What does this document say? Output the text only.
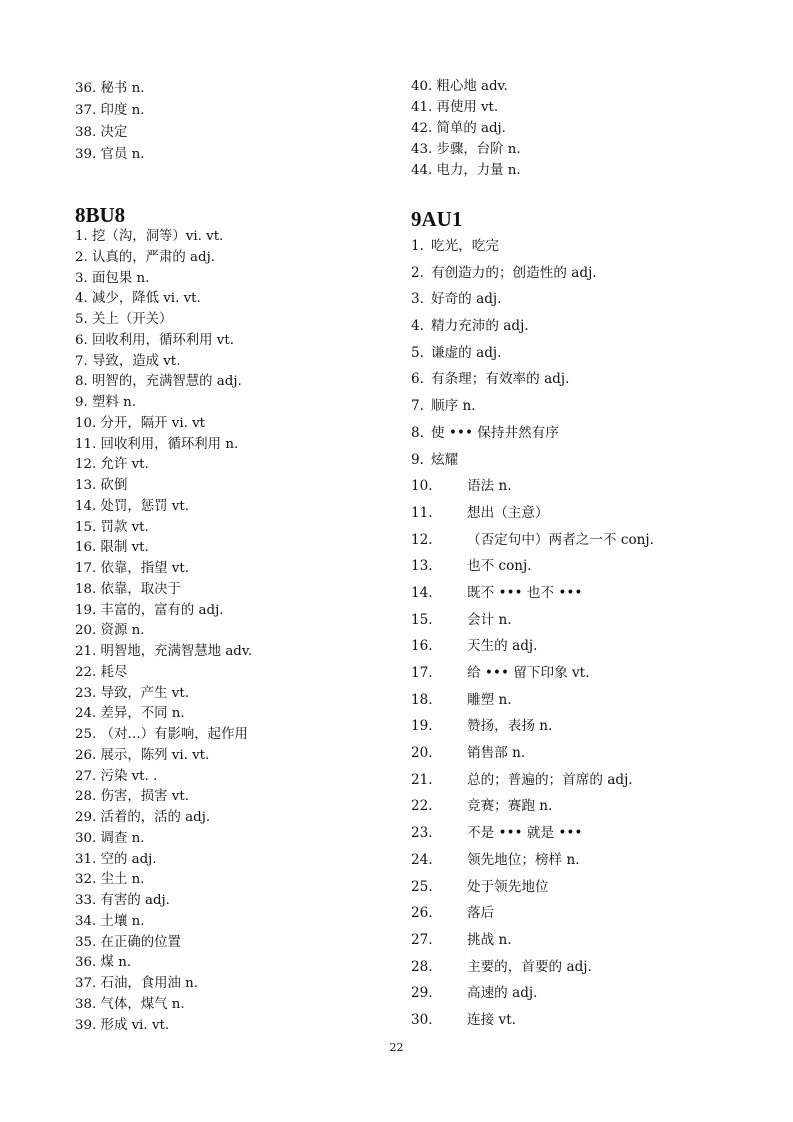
36. 秘书 n.
37. 印度 n.
38. 决定
39. 官员 n.
8BU8
1. 挖（沟，洞等）vi. vt.
2. 认真的，严肃的 adj.
3. 面包果 n.
4. 减少，降低 vi. vt.
5. 关上（开关）
6. 回收利用，循环利用 vt.
7. 导致，造成 vt.
8. 明智的，充满智慧的 adj.
9. 塑料 n.
10. 分开，隔开 vi. vt
11. 回收利用，循环利用 n.
12. 允许 vt.
13. 砍倒
14. 处罚，惩罚 vt.
15. 罚款 vt.
16. 限制 vt.
17. 依靠，指望 vt.
18. 依靠，取决于
19. 丰富的，富有的 adj.
20. 资源 n.
21. 明智地，充满智慧地 adv.
22. 耗尽
23. 导致，产生 vt.
24. 差异，不同 n.
25. （对…）有影响，起作用
26. 展示，陈列 vi. vt.
27. 污染 vt. .
28. 伤害，损害 vt.
29. 活着的，活的 adj.
30. 调查 n.
31. 空的 adj.
32. 尘土 n.
33. 有害的 adj.
34. 土壤 n.
35. 在正确的位置
36. 煤 n.
37. 石油，食用油 n.
38. 气体，煤气 n.
39. 形成 vi. vt.
40. 粗心地 adv.
41. 再使用 vt.
42. 简单的 adj.
43. 步骤，台阶 n.
44. 电力，力量 n.
9AU1
1. 吃光，吃完
2. 有创造力的；创造性的 adj.
3. 好奇的 adj.
4. 精力充沛的 adj.
5. 谦虚的 adj.
6. 有条理；有效率的 adj.
7. 顺序 n.
8. 使 ••• 保持井然有序
9. 炫耀
10.	语法 n.
11.	想出（主意）
12.	（否定句中）两者之一不 conj.
13.	也不 conj.
14.	既不 ••• 也不 •••
15.	会计 n.
16.	天生的 adj.
17.	给 ••• 留下印象 vt.
18.	雕塑 n.
19.	赞扬，表扬 n.
20.	销售部 n.
21.	总的；普遍的；首席的 adj.
22.	竞赛；赛跑 n.
23.	不是 ••• 就是 •••
24.	领先地位；榜样 n.
25.	处于领先地位
26.	落后
27.	挑战 n.
28.	主要的，首要的 adj.
29.	高速的 adj.
30.	连接 vt.
22
